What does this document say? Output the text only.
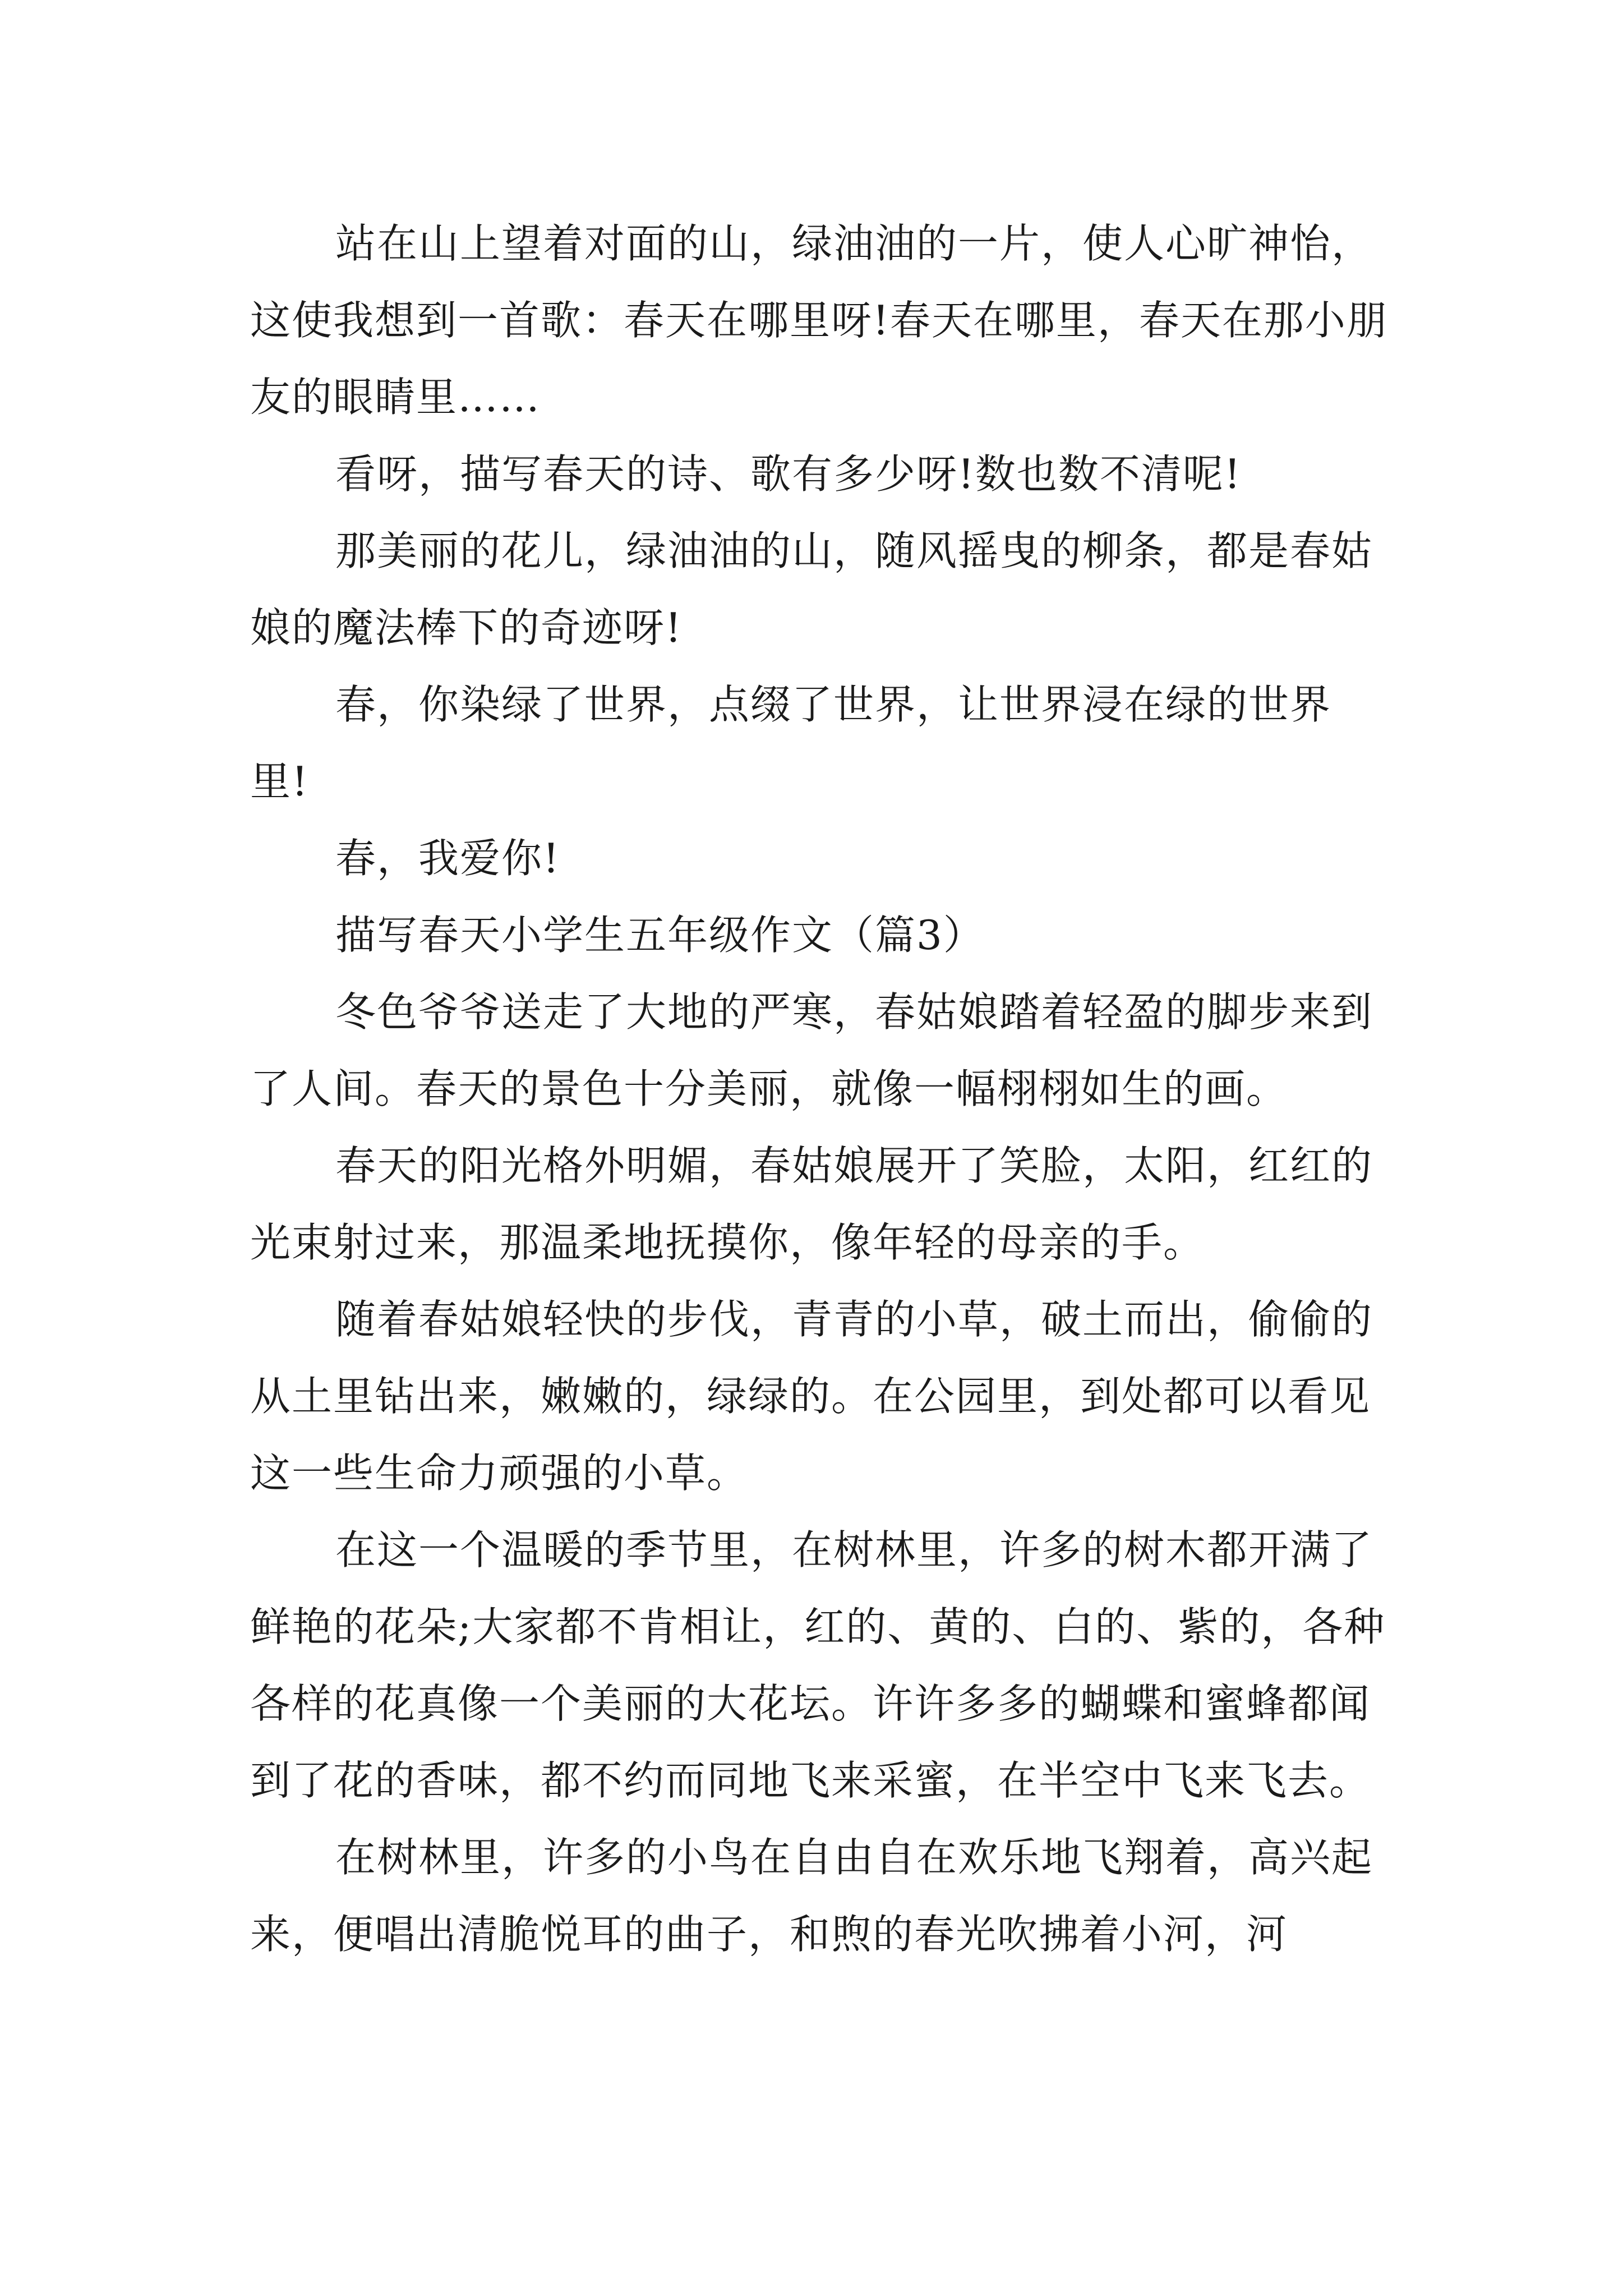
站在山上望着对面的山，绿油油的一片，使人心旷神怡，这使我想到一首歌：春天在哪里呀!春天在哪里，春天在那小朋友的眼睛里……

看呀，描写春天的诗、歌有多少呀!数也数不清呢!

那美丽的花儿，绿油油的山，随风摇曳的柳条，都是春姑娘的魔法棒下的奇迹呀!

春，你染绿了世界，点缀了世界，让世界浸在绿的世界里!

春，我爱你!

描写春天小学生五年级作文（篇3）

冬色爷爷送走了大地的严寒，春姑娘踏着轻盈的脚步来到了人间。春天的景色十分美丽，就像一幅栩栩如生的画。

春天的阳光格外明媚，春姑娘展开了笑脸，太阳，红红的光束射过来，那温柔地抚摸你，像年轻的母亲的手。

随着春姑娘轻快的步伐，青青的小草，破土而出，偷偷的从土里钻出来，嫩嫩的，绿绿的。在公园里，到处都可以看见这一些生命力顽强的小草。

在这一个温暖的季节里，在树林里，许多的树木都开满了鲜艳的花朵;大家都不肯相让，红的、黄的、白的、紫的，各种各样的花真像一个美丽的大花坛。许许多多的蝴蝶和蜜蜂都闻到了花的香味，都不约而同地飞来采蜜，在半空中飞来飞去。

在树林里，许多的小鸟在自由自在欢乐地飞翔着，高兴起来，便唱出清脆悦耳的曲子，和煦的春光吹拂着小河，河
